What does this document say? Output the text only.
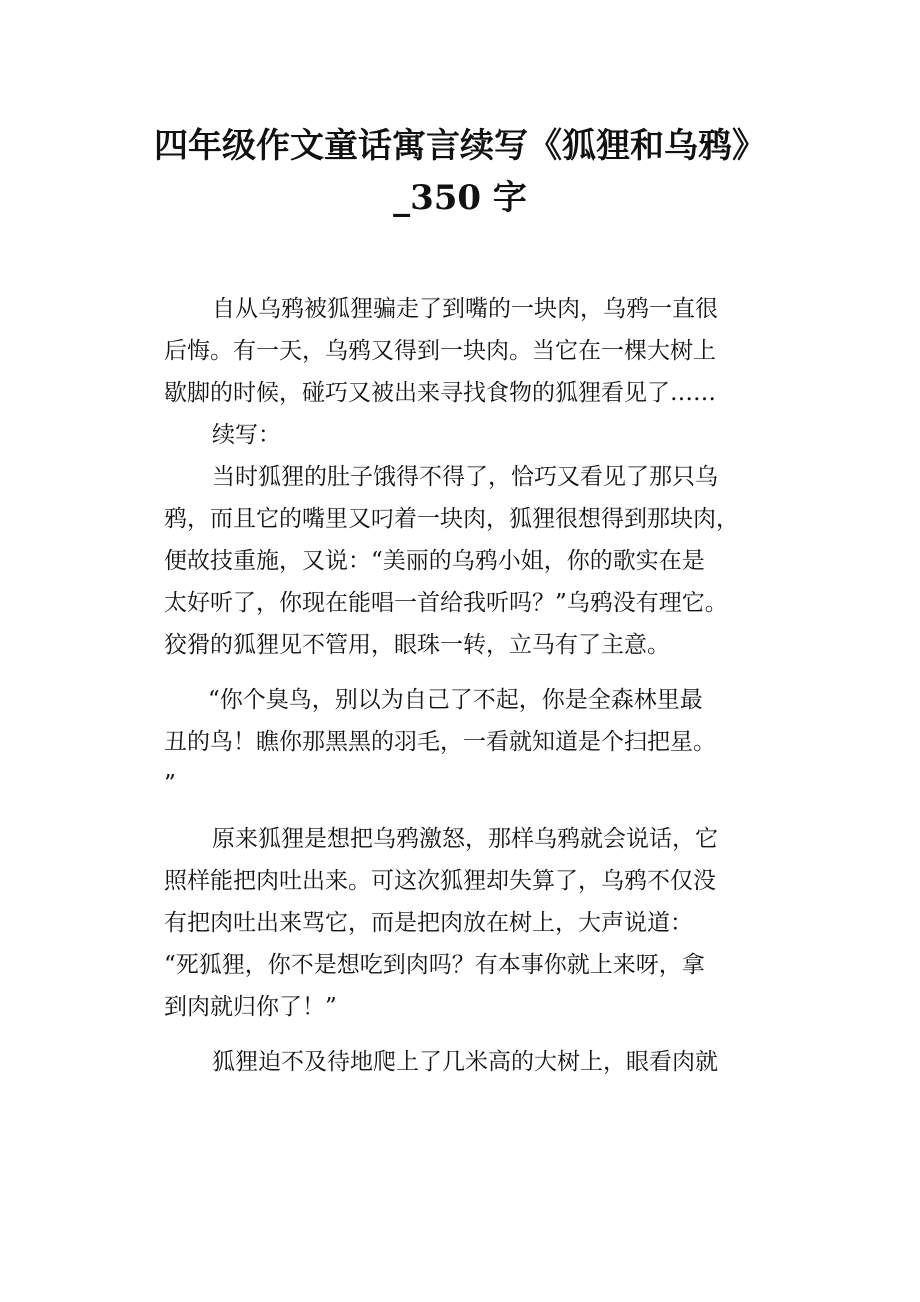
四年级作文童话寓言续写《狐狸和乌鸦》
_350 字
自从乌鸦被狐狸骗走了到嘴的一块肉，乌鸦一直很
后悔。有一天，乌鸦又得到一块肉。当它在一棵大树上
歇脚的时候，碰巧又被出来寻找食物的狐狸看见了……
续写：
当时狐狸的肚子饿得不得了，恰巧又看见了那只乌
鸦，而且它的嘴里又叼着一块肉，狐狸很想得到那块肉，
便故技重施，又说：“美丽的乌鸦小姐，你的歌实在是
太好听了，你现在能唱一首给我听吗？”乌鸦没有理它。
狡猾的狐狸见不管用，眼珠一转，立马有了主意。
“你个臭鸟，别以为自己了不起，你是全森林里最
丑的鸟！瞧你那黑黑的羽毛，一看就知道是个扫把星。
”
原来狐狸是想把乌鸦激怒，那样乌鸦就会说话，它
照样能把肉吐出来。可这次狐狸却失算了，乌鸦不仅没
有把肉吐出来骂它，而是把肉放在树上，大声说道：
“死狐狸，你不是想吃到肉吗？有本事你就上来呀，拿
到肉就归你了！”
狐狸迫不及待地爬上了几米高的大树上，眼看肉就
